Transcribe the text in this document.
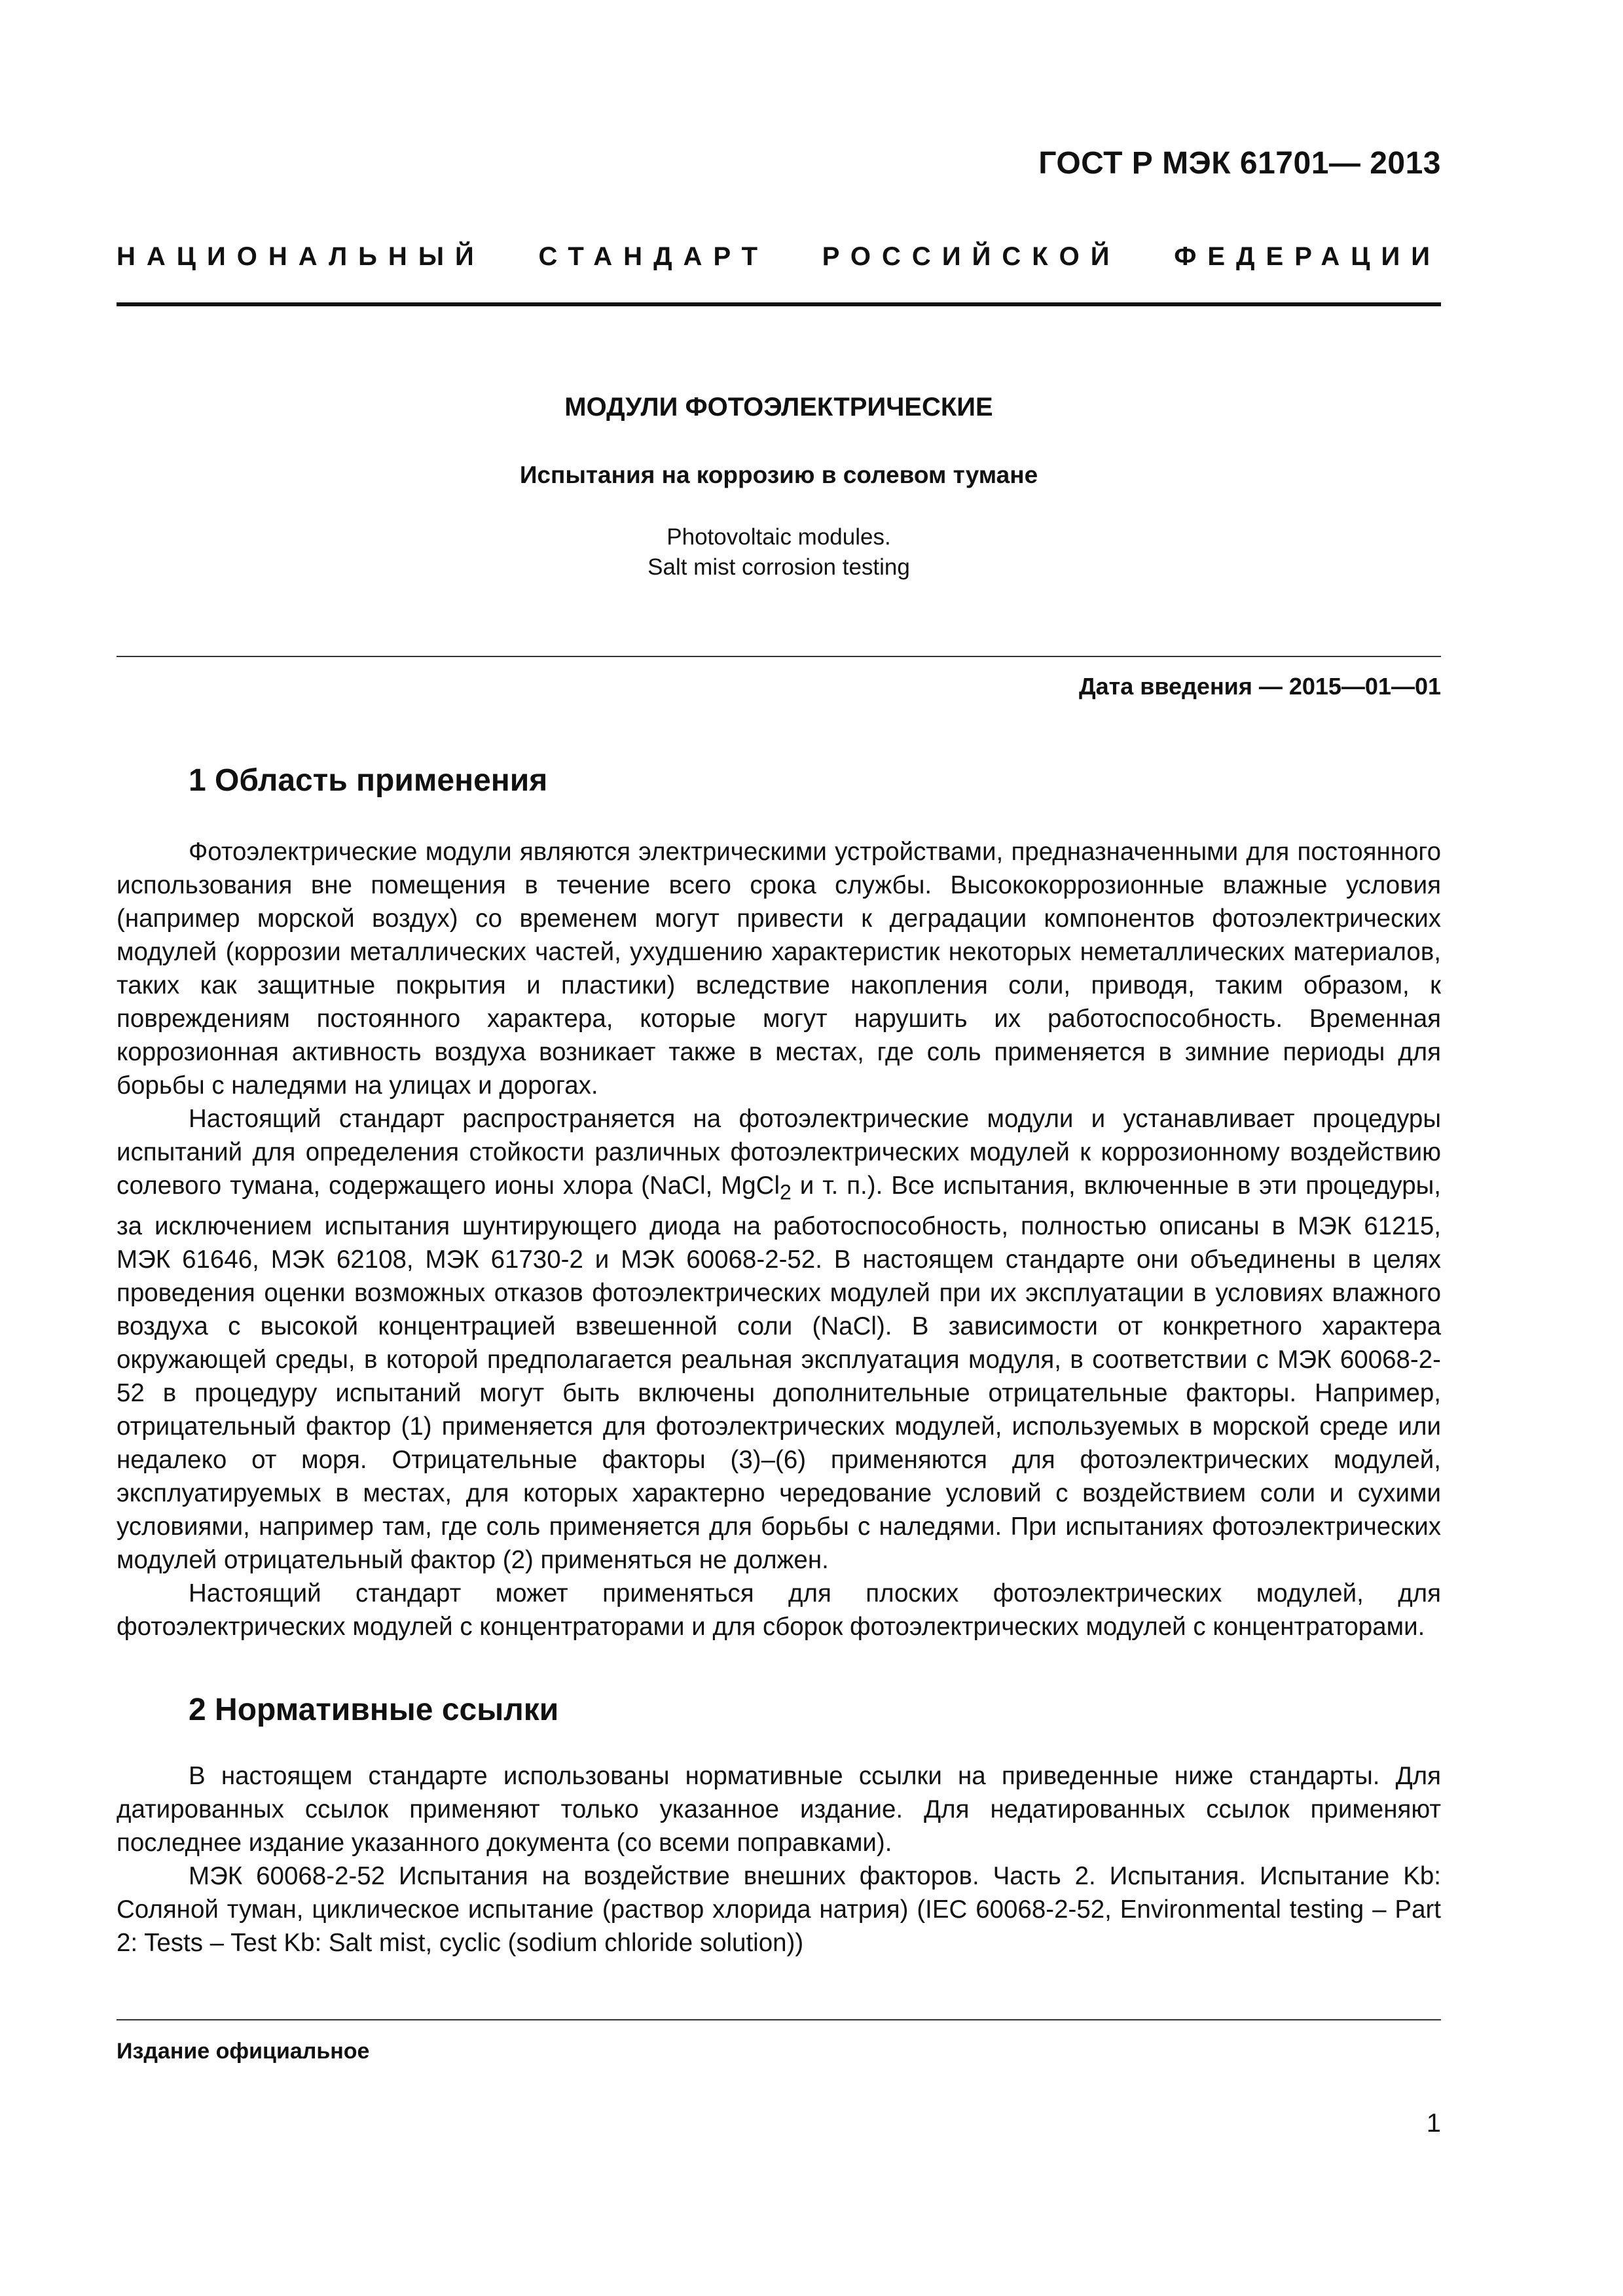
ГОСТ Р МЭК 61701— 2013
НАЦИОНАЛЬНЫЙ СТАНДАРТ РОССИЙСКОЙ ФЕДЕРАЦИИ
МОДУЛИ ФОТОЭЛЕКТРИЧЕСКИЕ
Испытания на коррозию в солевом тумане
Photovoltaic modules.
Salt mist corrosion testing
Дата введения — 2015—01—01
1 Область применения

Фотоэлектрические модули являются электрическими устройствами, предназначенными для постоянного использования вне помещения в течение всего срока службы. Высококоррозионные влажные условия (например морской воздух) со временем могут привести к деградации компонентов фотоэлектрических модулей (коррозии металлических частей, ухудшению характеристик некоторых неметаллических материалов, таких как защитные покрытия и пластики) вследствие накопления соли, приводя, таким образом, к повреждениям постоянного характера, которые могут нарушить их работоспособность. Временная коррозионная активность воздуха возникает также в местах, где соль применяется в зимние периоды для борьбы с наледями на улицах и дорогах.

Настоящий стандарт распространяется на фотоэлектрические модули и устанавливает процедуры испытаний для определения стойкости различных фотоэлектрических модулей к коррозионному воздействию солевого тумана, содержащего ионы хлора (NaCl, MgCl$_2$ и т. п.). Все испытания, включенные в эти процедуры, за исключением испытания шунтирующего диода на работоспособность, полностью описаны в МЭК 61215, МЭК 61646, МЭК 62108, МЭК 61730-2 и МЭК 60068-2-52. В настоящем стандарте они объединены в целях проведения оценки возможных отказов фотоэлектрических модулей при их эксплуатации в условиях влажного воздуха с высокой концентрацией взвешенной соли (NaCl). В зависимости от конкретного характера окружающей среды, в которой предполагается реальная эксплуатация модуля, в соответствии с МЭК 60068-2-52 в процедуру испытаний могут быть включены дополнительные отрицательные факторы. Например, отрицательный фактор (1) применяется для фотоэлектрических модулей, используемых в морской среде или недалеко от моря. Отрицательные факторы (3)–(6) применяются для фотоэлектрических модулей, эксплуатируемых в местах, для которых характерно чередование условий с воздействием соли и сухими условиями, например там, где соль применяется для борьбы с наледями. При испытаниях фотоэлектрических модулей отрицательный фактор (2) применяться не должен.

Настоящий стандарт может применяться для плоских фотоэлектрических модулей, для фотоэлектрических модулей с концентраторами и для сборок фотоэлектрических модулей с концентраторами.

2 Нормативные ссылки

В настоящем стандарте использованы нормативные ссылки на приведенные ниже стандарты. Для датированных ссылок применяют только указанное издание. Для недатированных ссылок применяют последнее издание указанного документа (со всеми поправками).

МЭК 60068-2-52 Испытания на воздействие внешних факторов. Часть 2. Испытания. Испытание Kb: Соляной туман, циклическое испытание (раствор хлорида натрия) (IEC 60068-2-52, Environmental testing – Part 2: Tests – Test Kb: Salt mist, cyclic (sodium chloride solution))

Издание официальное
1
